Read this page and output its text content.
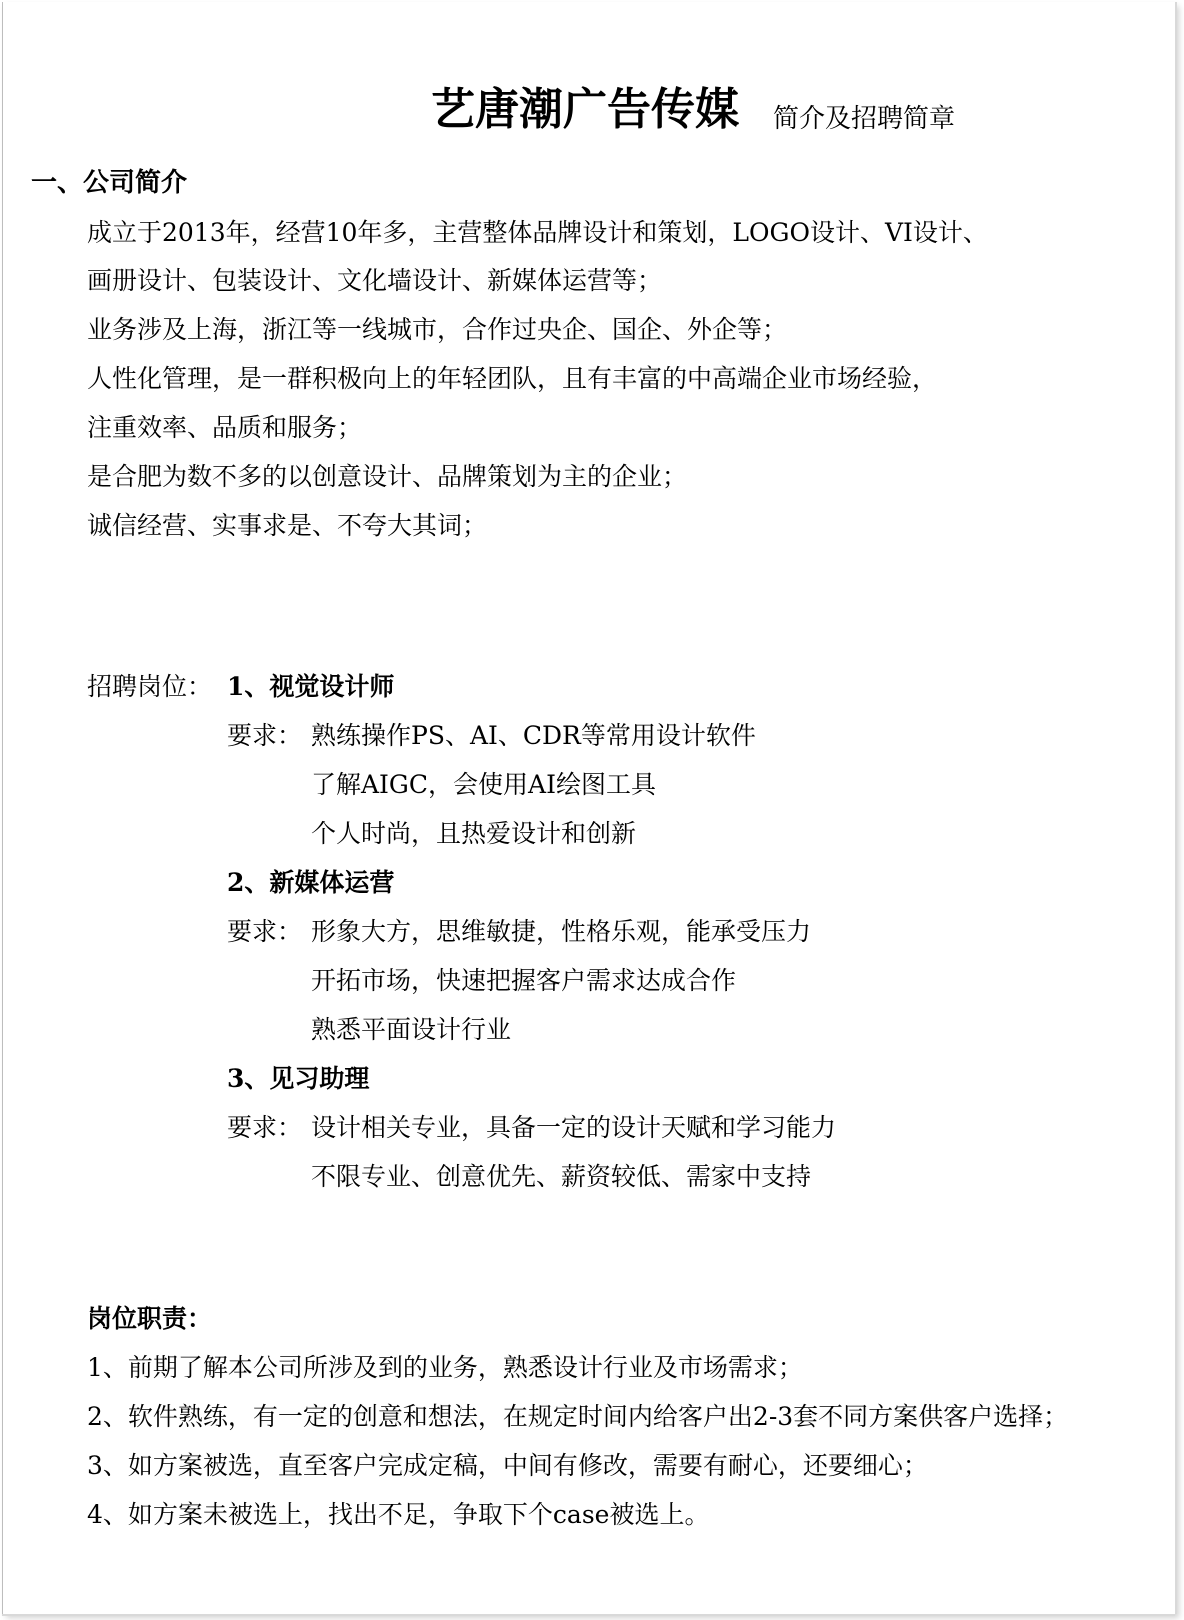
艺唐潮广告传媒 简介及招聘简章
一、公司简介
成立于2013年，经营10年多，主营整体品牌设计和策划，LOGO设计、VI设计、
画册设计、包装设计、文化墙设计、新媒体运营等；
业务涉及上海，浙江等一线城市，合作过央企、国企、外企等；
人性化管理，是一群积极向上的年轻团队，且有丰富的中高端企业市场经验，
注重效率、品质和服务；
是合肥为数不多的以创意设计、品牌策划为主的企业；
诚信经营、实事求是、不夸大其词；
招聘岗位： 1、视觉设计师
要求： 熟练操作PS、AI、CDR等常用设计软件
了解AIGC，会使用AI绘图工具
个人时尚，且热爱设计和创新
2、新媒体运营
要求： 形象大方，思维敏捷，性格乐观，能承受压力
开拓市场，快速把握客户需求达成合作
熟悉平面设计行业
3、见习助理
要求： 设计相关专业，具备一定的设计天赋和学习能力
不限专业、创意优先、薪资较低、需家中支持
岗位职责：
1、前期了解本公司所涉及到的业务，熟悉设计行业及市场需求；
2、软件熟练，有一定的创意和想法，在规定时间内给客户出2-3套不同方案供客户选择；
3、如方案被选，直至客户完成定稿，中间有修改，需要有耐心，还要细心；
4、如方案未被选上，找出不足，争取下个case被选上。
